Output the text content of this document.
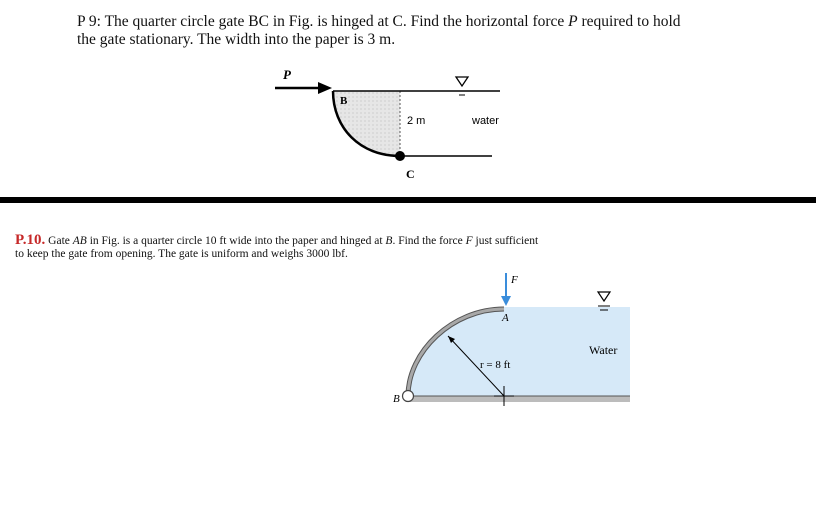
P 9: The quarter circle gate BC in Fig. is hinged at C. Find the horizontal force P required to hold
the gate stationary. The width into the paper is 3 m.
P
B
C
2 m	water
P.10. Gate AB in Fig. is a quarter circle 10 ft wide into the paper and hinged at B. Find the force F just sufficient
to keep the gate from opening. The gate is uniform and weighs 3000 lbf.
F
A
B
r = 8 ft
Water
